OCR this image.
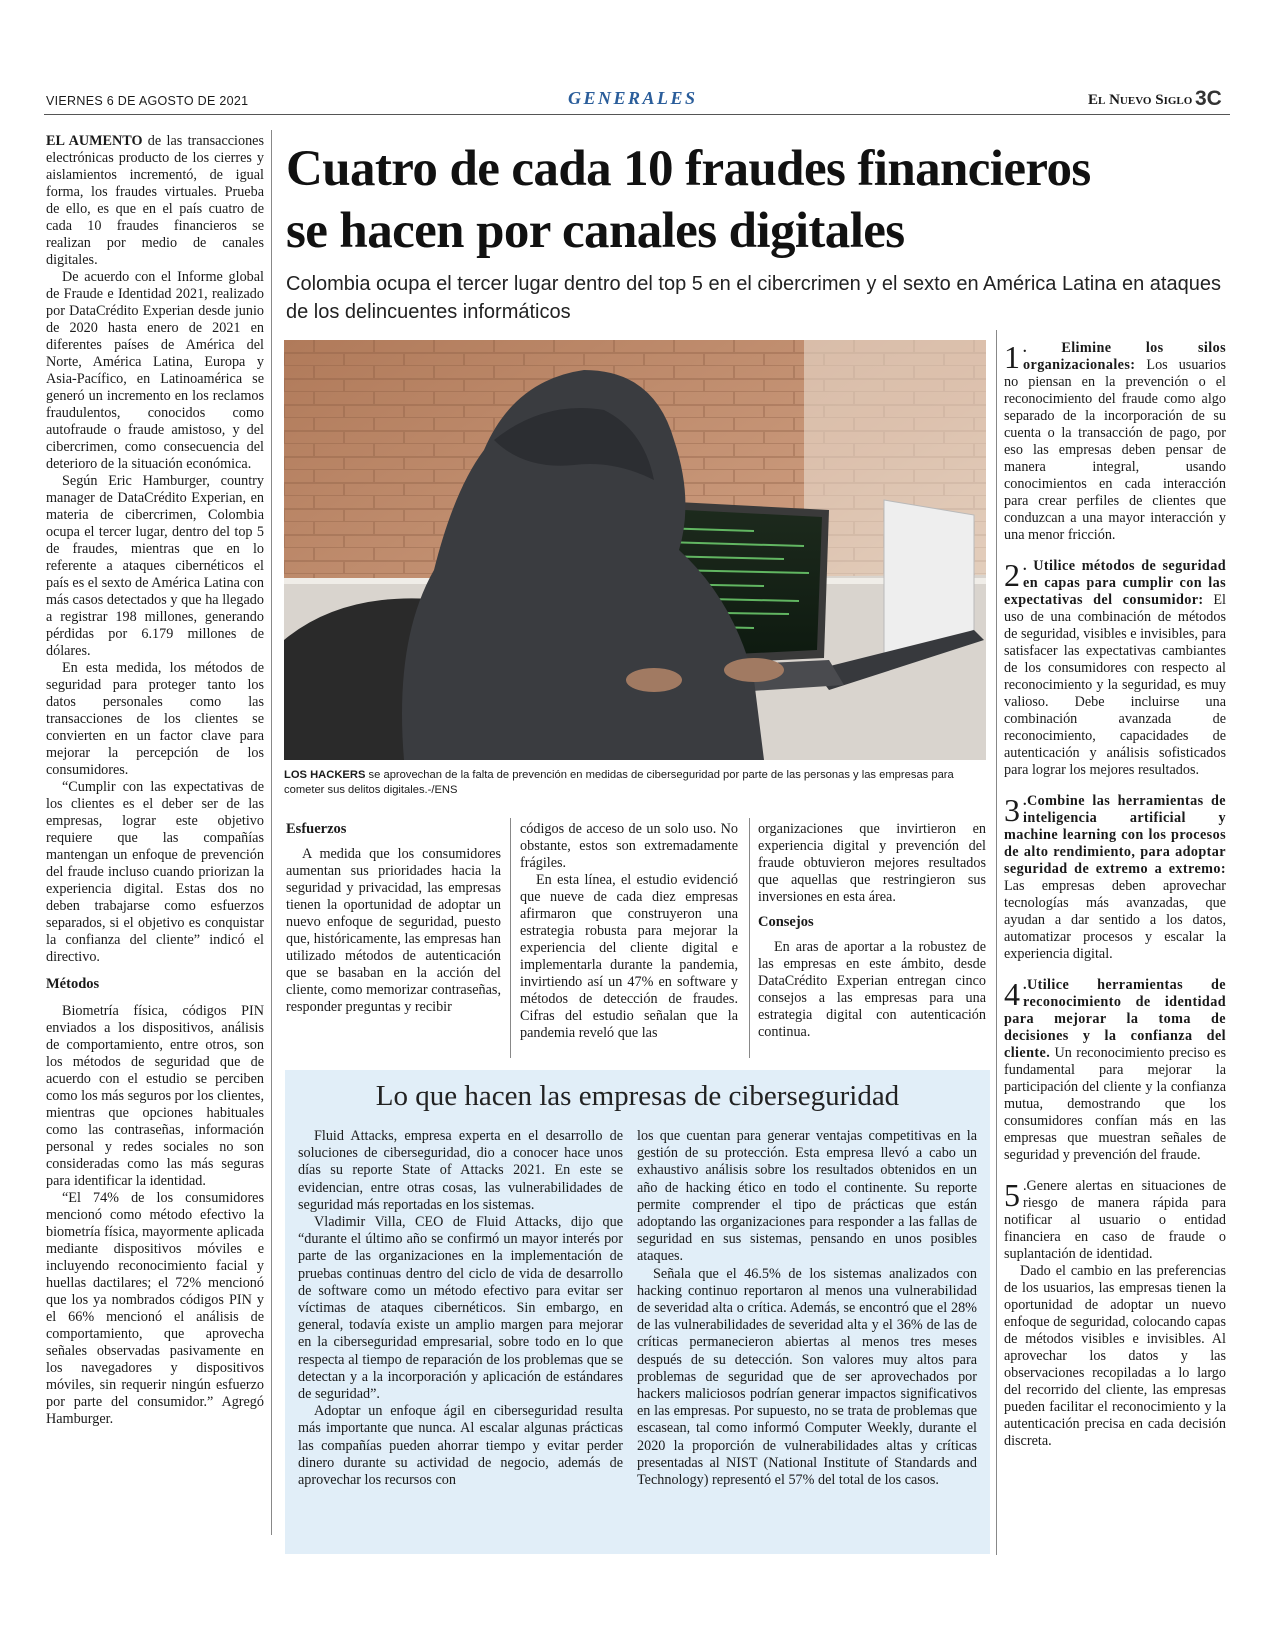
VIERNES 6 DE AGOSTO DE 2021	GENERALES	El Nuevo Siglo 3C
Cuatro de cada 10 fraudes financieros
se hacen por canales digitales

Colombia ocupa el tercer lugar dentro del top 5 en el cibercrimen y el sexto en América Latina en ataques de los delincuentes informáticos

EL AUMENTO de las transacciones electrónicas producto de los cierres y aislamientos incrementó, de igual forma, los fraudes virtuales. Prueba de ello, es que en el país cuatro de cada 10 fraudes financieros se realizan por medio de canales digitales.

De acuerdo con el Informe global de Fraude e Identidad 2021, realizado por DataCrédito Experian desde junio de 2020 hasta enero de 2021 en diferentes países de América del Norte, América Latina, Europa y Asia-Pacífico, en Latinoamérica se generó un incremento en los reclamos fraudulentos, conocidos como autofraude o fraude amistoso, y del cibercrimen, como consecuencia del deterioro de la situación económica.

Según Eric Hamburger, country manager de DataCrédito Experian, en materia de cibercrimen, Colombia ocupa el tercer lugar, dentro del top 5 de fraudes, mientras que en lo referente a ataques cibernéticos el país es el sexto de América Latina con más casos detectados y que ha llegado a registrar 198 millones, generando pérdidas por 6.179 millones de dólares.

En esta medida, los métodos de seguridad para proteger tanto los datos personales como las transacciones de los clientes se convierten en un factor clave para mejorar la percepción de los consumidores.

“Cumplir con las expectativas de los clientes es el deber ser de las empresas, lograr este objetivo requiere que las compañías mantengan un enfoque de prevención del fraude incluso cuando priorizan la experiencia digital. Estas dos no deben trabajarse como esfuerzos separados, si el objetivo es conquistar la confianza del cliente” indicó el directivo.

Métodos

Biometría física, códigos PIN enviados a los dispositivos, análisis de comportamiento, entre otros, son los métodos de seguridad que de acuerdo con el estudio se perciben como los más seguros por los clientes, mientras que opciones habituales como las contraseñas, información personal y redes sociales no son consideradas como las más seguras para identificar la identidad.

“El 74% de los consumidores mencionó como método efectivo la biometría física, mayormente aplicada mediante dispositivos móviles e incluyendo reconocimiento facial y huellas dactilares; el 72% mencionó que los ya nombrados códigos PIN y el 66% mencionó el análisis de comportamiento, que aprovecha señales observadas pasivamente en los navegadores y dispositivos móviles, sin requerir ningún esfuerzo por parte del consumidor.” Agregó Hamburger.

LOS HACKERS se aprovechan de la falta de prevención en medidas de ciberseguridad por parte de las personas y las empresas para cometer sus delitos digitales.-/ENS

Esfuerzos

A medida que los consumidores aumentan sus prioridades hacia la seguridad y privacidad, las empresas tienen la oportunidad de adoptar un nuevo enfoque de seguridad, puesto que, históricamente, las empresas han utilizado métodos de autenticación que se basaban en la acción del cliente, como memorizar contraseñas, responder preguntas y recibir

códigos de acceso de un solo uso. No obstante, estos son extremadamente frágiles.

En esta línea, el estudio evidenció que nueve de cada diez empresas afirmaron que construyeron una estrategia robusta para mejorar la experiencia del cliente digital e implementarla durante la pandemia, invirtiendo así un 47% en software y métodos de detección de fraudes. Cifras del estudio señalan que la pandemia reveló que las

organizaciones que invirtieron en experiencia digital y prevención del fraude obtuvieron mejores resultados que aquellas que restringieron sus inversiones en esta área.

Consejos

En aras de aportar a la robustez de las empresas en este ámbito, desde DataCrédito Experian entregan cinco consejos a las empresas para una estrategia digital con autenticación continua.

1 . Elimine los silos organizacionales: Los usuarios no piensan en la prevención o el reconocimiento del fraude como algo separado de la incorporación de su cuenta o la transacción de pago, por eso las empresas deben pensar de manera integral, usando conocimientos en cada interacción para crear perfiles de clientes que conduzcan a una mayor interacción y una menor fricción.

2 . Utilice métodos de seguridad en capas para cumplir con las expectativas del consumidor: El uso de una combinación de métodos de seguridad, visibles e invisibles, para satisfacer las expectativas cambiantes de los consumidores con respecto al reconocimiento y la seguridad, es muy valioso. Debe incluirse una combinación avanzada de reconocimiento, capacidades de autenticación y análisis sofisticados para lograr los mejores resultados.

3 .Combine las herramientas de inteligencia artificial y machine learning con los procesos de alto rendimiento, para adoptar seguridad de extremo a extremo: Las empresas deben aprovechar tecnologías más avanzadas, que ayudan a dar sentido a los datos, automatizar procesos y escalar la experiencia digital.

4 .Utilice herramientas de reconocimiento de identidad para mejorar la toma de decisiones y la confianza del cliente. Un reconocimiento preciso es fundamental para mejorar la participación del cliente y la confianza mutua, demostrando que los consumidores confían más en las empresas que muestran señales de seguridad y prevención del fraude.

5 .Genere alertas en situaciones de riesgo de manera rápida para notificar al usuario o entidad financiera en caso de fraude o suplantación de identidad.

Dado el cambio en las preferencias de los usuarios, las empresas tienen la oportunidad de adoptar un nuevo enfoque de seguridad, colocando capas de métodos visibles e invisibles. Al aprovechar los datos y las observaciones recopiladas a lo largo del recorrido del cliente, las empresas pueden facilitar el reconocimiento y la autenticación precisa en cada decisión discreta.

Lo que hacen las empresas de ciberseguridad

Fluid Attacks, empresa experta en el desarrollo de soluciones de ciberseguridad, dio a conocer hace unos días su reporte State of Attacks 2021. En este se evidencian, entre otras cosas, las vulnerabilidades de seguridad más reportadas en los sistemas.

Vladimir Villa, CEO de Fluid Attacks, dijo que “durante el último año se confirmó un mayor interés por parte de las organizaciones en la implementación de pruebas continuas dentro del ciclo de vida de desarrollo de software como un método efectivo para evitar ser víctimas de ataques cibernéticos. Sin embargo, en general, todavía existe un amplio margen para mejorar en la ciberseguridad empresarial, sobre todo en lo que respecta al tiempo de reparación de los problemas que se detectan y a la incorporación y aplicación de estándares de seguridad”.

Adoptar un enfoque ágil en ciberseguridad resulta más importante que nunca. Al escalar algunas prácticas las compañías pueden ahorrar tiempo y evitar perder dinero durante su actividad de negocio, además de aprovechar los recursos con

los que cuentan para generar ventajas competitivas en la gestión de su protección. Esta empresa llevó a cabo un exhaustivo análisis sobre los resultados obtenidos en un año de hacking ético en todo el continente. Su reporte permite comprender el tipo de prácticas que están adoptando las organizaciones para responder a las fallas de seguridad en sus sistemas, pensando en unos posibles ataques.

Señala que el 46.5% de los sistemas analizados con hacking continuo reportaron al menos una vulnerabilidad de severidad alta o crítica. Además, se encontró que el 28% de las vulnerabilidades de severidad alta y el 36% de las de críticas permanecieron abiertas al menos tres meses después de su detección. Son valores muy altos para problemas de seguridad que de ser aprovechados por hackers maliciosos podrían generar impactos significativos en las empresas. Por supuesto, no se trata de problemas que escasean, tal como informó Computer Weekly, durante el 2020 la proporción de vulnerabilidades altas y críticas presentadas al NIST (National Institute of Standards and Technology) representó el 57% del total de los casos.
